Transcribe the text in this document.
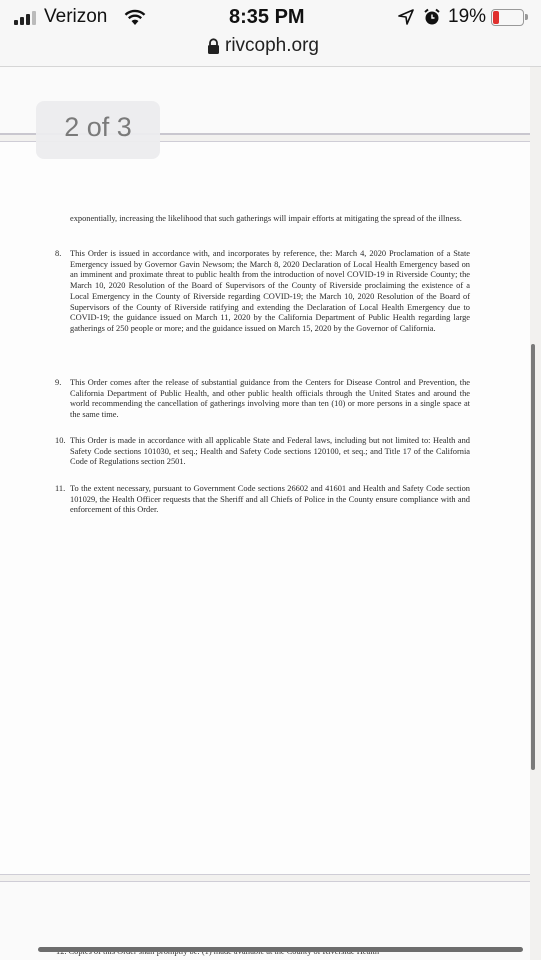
Verizon	8:35 PM	19%
rivcoph.org
exponentially, increasing the likelihood that such gatherings will impair efforts at mitigating the spread of the illness.
8. This Order is issued in accordance with, and incorporates by reference, the: March 4, 2020 Proclamation of a State Emergency issued by Governor Gavin Newsom; the March 8, 2020 Declaration of Local Health Emergency based on an imminent and proximate threat to public health from the introduction of novel COVID-19 in Riverside County; the March 10, 2020 Resolution of the Board of Supervisors of the County of Riverside proclaiming the existence of a Local Emergency in the County of Riverside regarding COVID-19; the March 10, 2020 Resolution of the Board of Supervisors of the County of Riverside ratifying and extending the Declaration of Local Health Emergency due to COVID-19; the guidance issued on March 11, 2020 by the California Department of Public Health regarding large gatherings of 250 people or more; and the guidance issued on March 15, 2020 by the Governor of California.
9. This Order comes after the release of substantial guidance from the Centers for Disease Control and Prevention, the California Department of Public Health, and other public health officials through the United States and around the world recommending the cancellation of gatherings involving more than ten (10) or more persons in a single space at the same time.
10. This Order is made in accordance with all applicable State and Federal laws, including but not limited to: Health and Safety Code sections 101030, et seq.; Health and Safety Code sections 120100, et seq.; and Title 17 of the California Code of Regulations section 2501.
11. To the extent necessary, pursuant to Government Code sections 26602 and 41601 and Health and Safety Code section 101029, the Health Officer requests that the Sheriff and all Chiefs of Police in the County ensure compliance with and enforcement of this Order.
2 of 3
